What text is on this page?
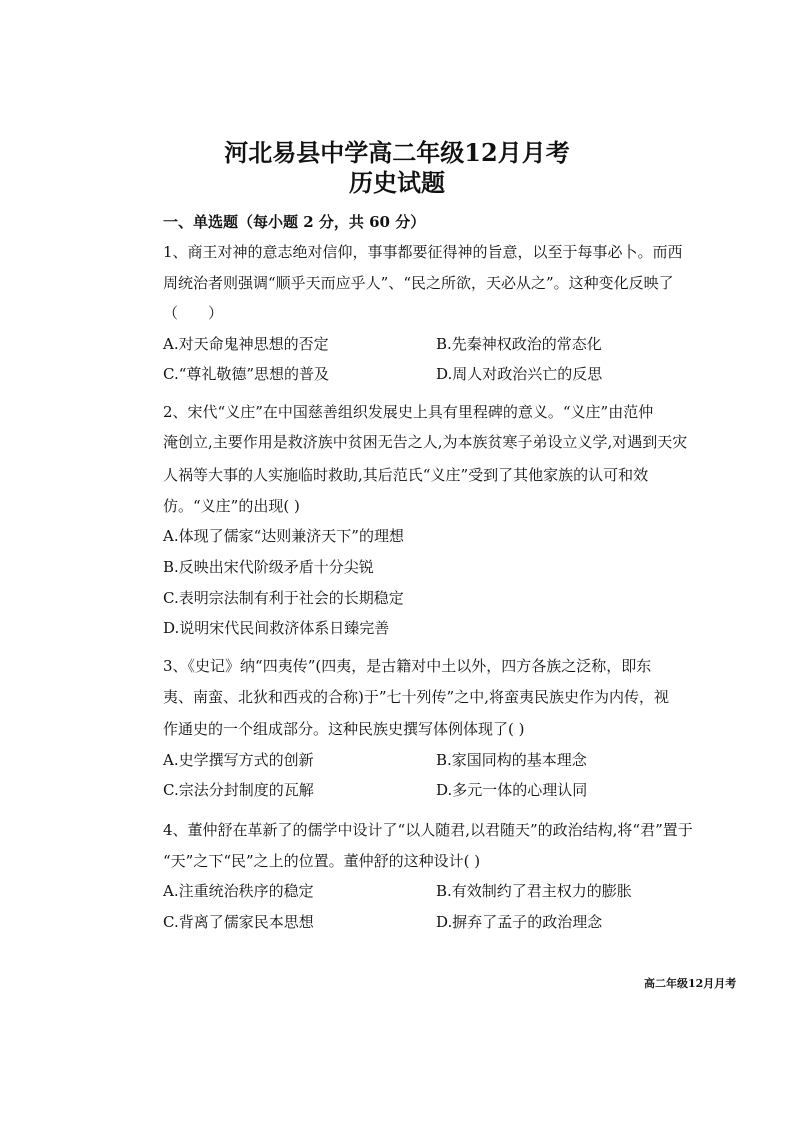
河北易县中学高二年级12月月考
历史试题
一、单选题（每小题 2 分，共 60 分）
1、商王对神的意志绝对信仰，事事都要征得神的旨意，以至于每事必卜。而西
周统治者则强调“顺乎天而应乎人”、“民之所欲，天必从之”。这种变化反映了
（　　）
A.对天命鬼神思想的否定	B.先秦神权政治的常态化
C.“尊礼敬德”思想的普及	D.周人对政治兴亡的反思
2、宋代“义庄”在中国慈善组织发展史上具有里程碑的意义。“义庄”由范仲
淹创立,主要作用是救济族中贫困无告之人,为本族贫寒子弟设立义学,对遇到天灾
人祸等大事的人实施临时救助,其后范氏“义庄”受到了其他家族的认可和效
仿。“义庄”的出现( )
A.体现了儒家“达则兼济天下”的理想
B.反映出宋代阶级矛盾十分尖锐
C.表明宗法制有利于社会的长期稳定
D.说明宋代民间救济体系日臻完善
3、《史记》纳“四夷传”(四夷，是古籍对中土以外，四方各族之泛称，即东
夷、南蛮、北狄和西戎的合称)于”七十列传”之中,将蛮夷民族史作为内传，视
作通史的一个组成部分。这种民族史撰写体例体现了( )
A.史学撰写方式的创新	B.家国同构的基本理念
C.宗法分封制度的瓦解	D.多元一体的心理认同
4、董仲舒在革新了的儒学中设计了“以人随君,以君随天”的政治结构,将“君”置于
“天”之下“民”之上的位置。董仲舒的这种设计( )
A.注重统治秩序的稳定	B.有效制约了君主权力的膨胀
C.背离了儒家民本思想	D.摒弃了孟子的政治理念
高二年级12月月考
